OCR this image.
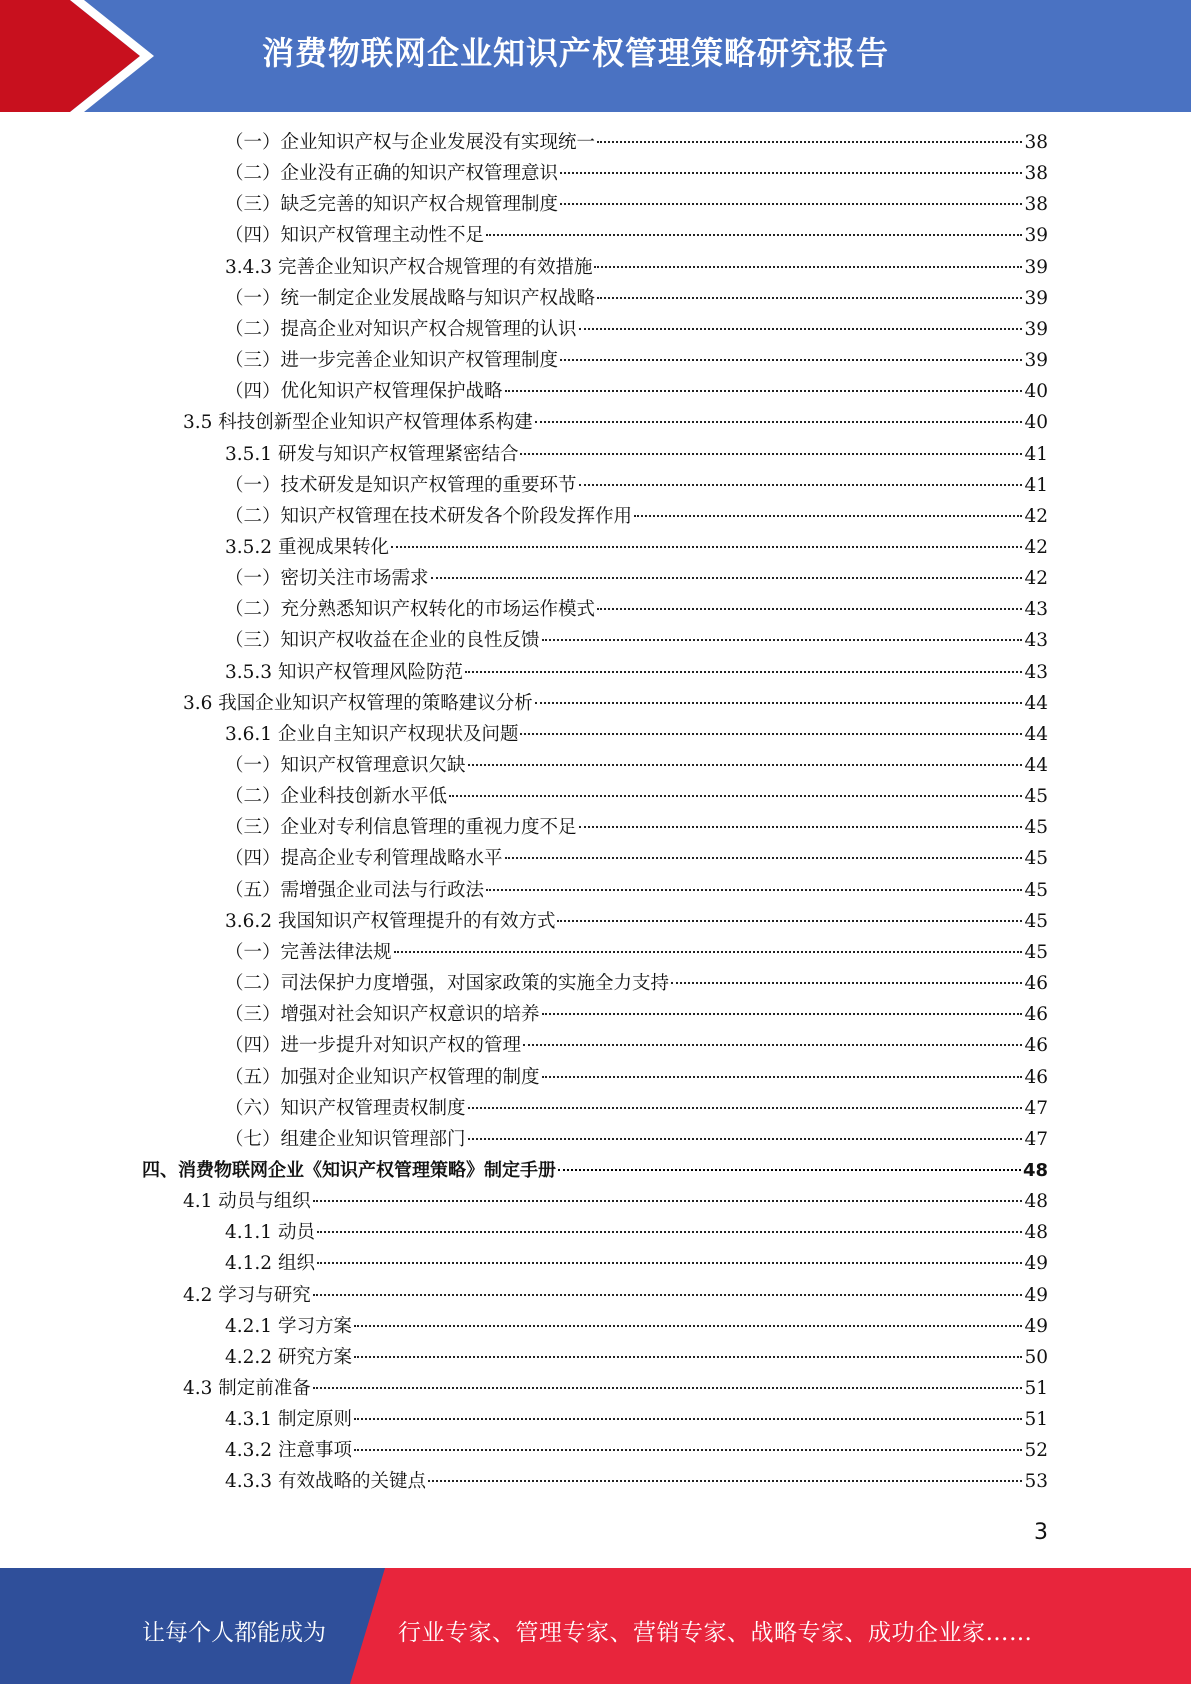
消费物联网企业知识产权管理策略研究报告
（一）企业知识产权与企业发展没有实现统一	38
（二）企业没有正确的知识产权管理意识	38
（三）缺乏完善的知识产权合规管理制度	38
（四）知识产权管理主动性不足	39
3.4.3 完善企业知识产权合规管理的有效措施	39
（一）统一制定企业发展战略与知识产权战略	39
（二）提高企业对知识产权合规管理的认识	39
（三）进一步完善企业知识产权管理制度	39
（四）优化知识产权管理保护战略	40
3.5 科技创新型企业知识产权管理体系构建	40
3.5.1 研发与知识产权管理紧密结合	41
（一）技术研发是知识产权管理的重要环节	41
（二）知识产权管理在技术研发各个阶段发挥作用	42
3.5.2 重视成果转化	42
（一）密切关注市场需求	42
（二）充分熟悉知识产权转化的市场运作模式	43
（三）知识产权收益在企业的良性反馈	43
3.5.3 知识产权管理风险防范	43
3.6 我国企业知识产权管理的策略建议分析	44
3.6.1 企业自主知识产权现状及问题	44
（一）知识产权管理意识欠缺	44
（二）企业科技创新水平低	45
（三）企业对专利信息管理的重视力度不足	45
（四）提高企业专利管理战略水平	45
（五）需增强企业司法与行政法	45
3.6.2 我国知识产权管理提升的有效方式	45
（一）完善法律法规	45
（二）司法保护力度增强，对国家政策的实施全力支持	46
（三）增强对社会知识产权意识的培养	46
（四）进一步提升对知识产权的管理	46
（五）加强对企业知识产权管理的制度	46
（六）知识产权管理责权制度	47
（七）组建企业知识管理部门	47
四、消费物联网企业《知识产权管理策略》制定手册	48
4.1 动员与组织	48
4.1.1 动员	48
4.1.2 组织	49
4.2 学习与研究	49
4.2.1 学习方案	49
4.2.2 研究方案	50
4.3 制定前准备	51
4.3.1 制定原则	51
4.3.2 注意事项	52
4.3.3 有效战略的关键点	53
3
让每个人都能成为	行业专家、管理专家、营销专家、战略专家、成功企业家……
